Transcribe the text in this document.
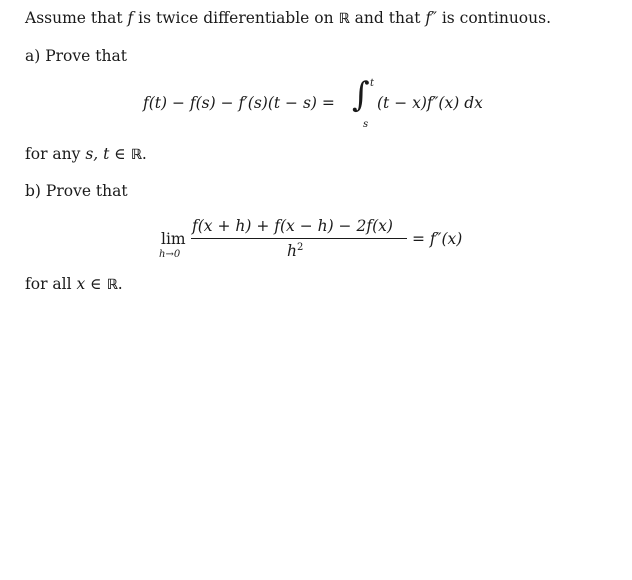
Assume that f is twice differentiable on ℝ and that f″ is continuous.
a) Prove that
f(t) − f(s) − f′(s)(t − s) = ∫ t
s
(t − x)f″(x) dx
for any s, t ∈ ℝ.
b) Prove that
lim
h→0
f(x + h) + f(x − h) − 2f(x)
$h^2$	= f″(x)
for all x ∈ ℝ.
